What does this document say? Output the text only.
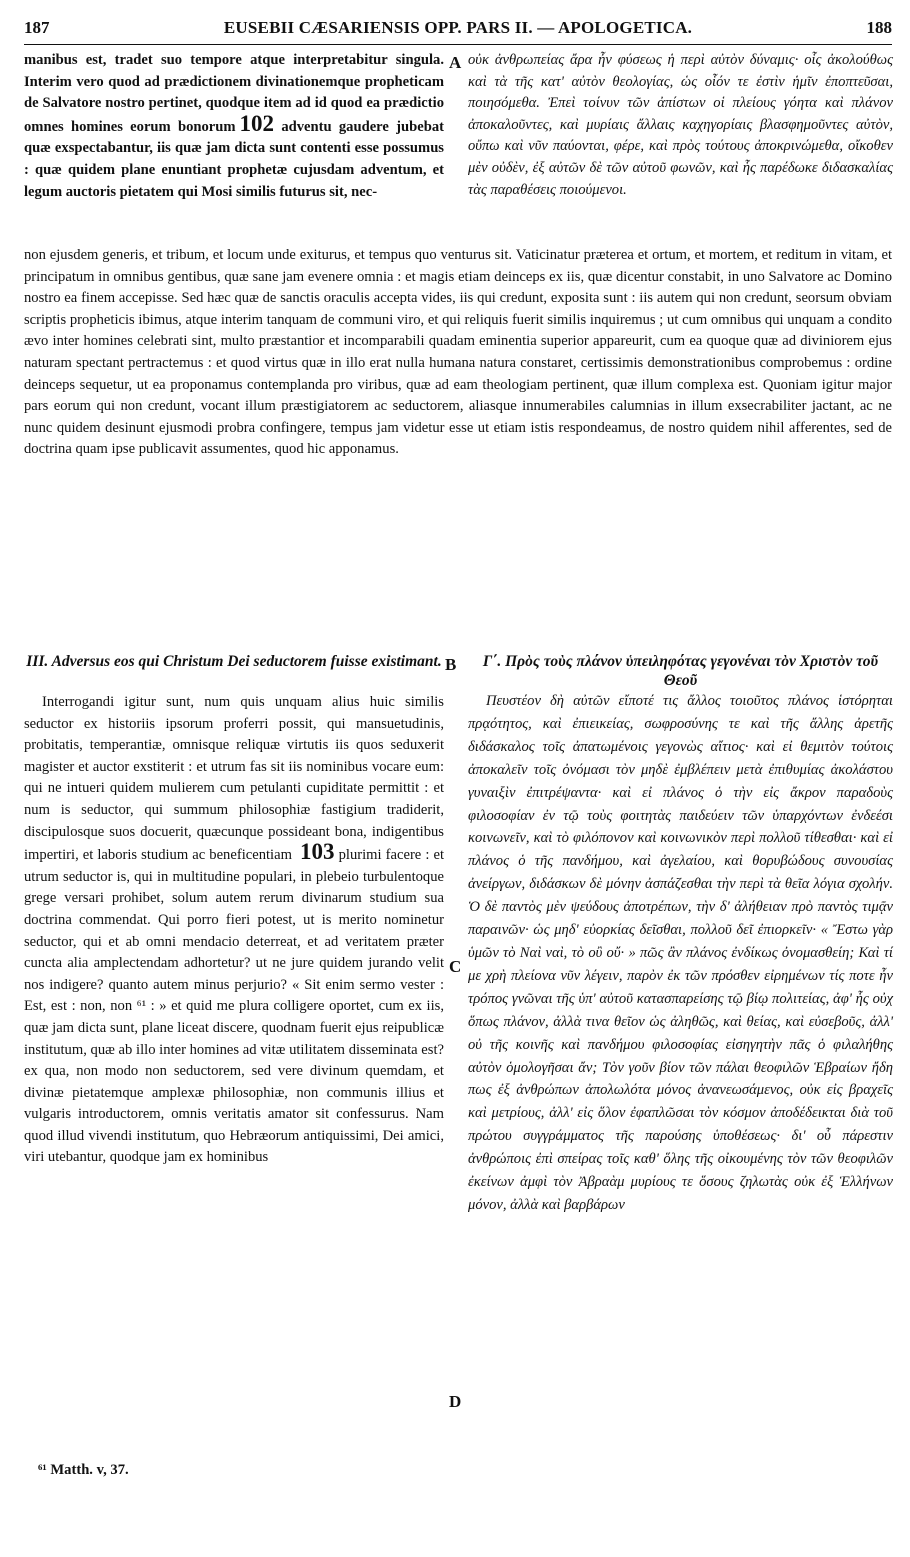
187	EUSEBII CÆSARIENSIS OPP. PARS II. — APOLOGETICA.	188

manibus est, tradet suo tempore atque interpretabitur singula. Interim vero quod ad prædictionem divinationemque propheticam de Salvatore nostro pertinet, quodque item ad id quod ea prædictio omnes homines eorum bonorum 102 adventu gaudere jubebat quæ exspectabantur, iis quæ jam dicta sunt contenti esse possumus : quæ quidem plane enuntiant prophetæ cujusdam adventum, et legum auctoris pietatem qui Mosi similis futurus sit, nec-

A οὐκ ἀνθρωπείας ἄρα ἦν φύσεως ἡ περὶ αὐτὸν δύναμις· οἷς ἀκολούθως καὶ τὰ τῆς κατ' αὐτὸν θεολογίας, ὡς οἷόν τε ἐστὶν ἡμῖν ἐποπτεῦσαι, ποιησόμεθα. Ἐπεὶ τοίνυν τῶν ἀπίστων οἱ πλείους γόητα καὶ πλάνον ἀποκαλοῦντες, καὶ μυρίαις ἄλλαις καχηγορίαις βλασφημοῦντες αὐτὸν, οὔπω καὶ νῦν παύονται, φέρε, καὶ πρὸς τούτους ἀποκρινώμεθα, οἴκοθεν μὲν οὐδὲν, ἐξ αὐτῶν δὲ τῶν αὐτοῦ φωνῶν, καὶ ἧς παρέδωκε διδασκαλίας τὰς παραθέσεις ποιούμενοι.

non ejusdem generis, et tribum, et locum unde exiturus, et tempus quo venturus sit. Vaticinatur præterea et ortum, et mortem, et reditum in vitam, et principatum in omnibus gentibus, quæ sane jam evenere omnia : et magis etiam deinceps ex iis, quæ dicentur constabit, in uno Salvatore ac Domino nostro ea finem accepisse. Sed hæc quæ de sanctis oraculis accepta vides, iis qui credunt, exposita sunt : iis autem qui non credunt, seorsum obviam scriptis propheticis ibimus, atque interim tanquam de communi viro, et qui reliquis fuerit similis inquiremus ; ut cum omnibus qui unquam a condito ævo inter homines celebrati sint, multo præstantior et incomparabili quadam eminentia superior appareurit, cum ea quoque quæ ad diviniorem ejus naturam spectant pertractemus : et quod virtus quæ in illo erat nulla humana natura constaret, certissimis demonstrationibus comprobemus : ordine deinceps sequetur, ut ea proponamus contemplanda pro viribus, quæ ad eam theologiam pertinent, quæ illum complexa est. Quoniam igitur major pars eorum qui non credunt, vocant illum præstigiatorem ac seductorem, aliasque innumerabiles calumnias in illum exsecrabiliter jactant, ac ne nunc quidem desinunt ejusmodi probra confingere, tempus jam videtur esse ut etiam istis respondeamus, de nostro quidem nihil afferentes, sed de doctrina quam ipse publicavit assumentes, quod hic apponamus.

III. Adversus eos qui Christum Dei seductorem fuisse existimant. B	Γ΄. Πρὸς τοὺς πλάνον ὑπειληφότας γεγονέναι τὸν Χριστὸν τοῦ Θεοῦ

Interrogandi igitur sunt, num quis unquam alius huic similis seductor ex historiis ipsorum proferri possit, qui mansuetudinis, probitatis, temperantiæ, omnisque reliquæ virtutis iis quos seduxerit magister et auctor exstiterit : et utrum fas sit iis nominibus vocare eum: qui ne intueri quidem mulierem cum petulanti cupiditate permittit : et num is seductor, qui summum philosophiæ fastigium tradiderit, discipulosque suos docuerit, quæcunque possideant bona, indigentibus impertiri, et laboris studium ac beneficentiam 103 plurimi facere : et utrum seductor is, qui in multitudine populari, in plebeio turbulentoque grege versari prohibet, solum autem rerum divinarum studium sua doctrina commendat. Qui porro fieri potest, ut is merito nominetur seductor, qui et ab omni mendacio deterreat, et ad veritatem præter cuncta alia amplectendam adhortetur? ut ne jure quidem jurando velit nos indigere? quanto autem minus perjurio? « Sit enim sermo vester : Est, est : non, non ⁶¹ : » et quid me plura colligere oportet, cum ex iis, quæ jam dicta sunt, plane liceat discere, quodnam fuerit ejus reipublicæ institutum, quæ ab illo inter homines ad vitæ utilitatem disseminata est? ex qua, non modo non seductorem, sed vere divinum quemdam, et divinæ pietatemque amplexæ philosophiæ, non communis illius et vulgaris introductorem, omnis veritatis amator sit confessurus. Nam quod illud vivendi institutum, quo Hebræorum antiquissimi, Dei amici, viri utebantur, quodque jam ex hominibus

C
D

Πευστέον δὴ αὐτῶν εἴποτέ τις ἄλλος τοιοῦτος πλάνος ἱστόρηται πρᾳότητος, καὶ ἐπιεικείας, σωφροσύνης τε καὶ τῆς ἄλλης ἀρετῆς διδάσκαλος τοῖς ἀπατωμένοις γεγονὼς αἴτιος· καὶ εἰ θεμιτὸν τούτοις ἀποκαλεῖν τοῖς ὀνόμασι τὸν μηδὲ ἐμβλέπειν μετὰ ἐπιθυμίας ἀκολάστου γυναιξὶν ἐπιτρέψαντα· καὶ εἰ πλάνος ὁ τὴν εἰς ἄκρον παραδοὺς φιλοσοφίαν ἐν τῷ τοὺς φοιτητὰς παιδεύειν τῶν ὑπαρχόντων ἐνδεέσι κοινωνεῖν, καὶ τὸ φιλόπονον καὶ κοινωνικὸν περὶ πολλοῦ τίθεσθαι· καὶ εἰ πλάνος ὁ τῆς πανδήμου, καὶ ἀγελαίου, καὶ θορυβώδους συνουσίας ἀνείργων, διδάσκων δὲ μόνην ἀσπάζεσθαι τὴν περὶ τὰ θεῖα λόγια σχολήν. Ὁ δὲ παντὸς μὲν ψεύδους ἀποτρέπων, τὴν δ' ἀλήθειαν πρὸ παντὸς τιμᾷν παραινῶν· ὡς μηδ' εὐορκίας δεῖσθαι, πολλοῦ δεῖ ἐπιορκεῖν· « Ἔστω γὰρ ὑμῶν τὸ Ναὶ ναὶ, τὸ οὒ οὔ· » πῶς ἂν πλάνος ἐνδίκως ὀνομασθείη; Καὶ τί με χρὴ πλείονα νῦν λέγειν, παρὸν ἐκ τῶν πρόσθεν εἰρημένων τίς ποτε ἦν τρόπος γνῶναι τῆς ὑπ' αὐτοῦ κατασπαρείσης τῷ βίῳ πολιτείας, ἀφ' ἧς οὐχ ὅπως πλάνον, ἀλλὰ τινα θεῖον ὡς ἀληθῶς, καὶ θείας, καὶ εὐσεβοῦς, ἀλλ' οὐ τῆς κοινῆς καὶ πανδήμου φιλοσοφίας εἰσηγητὴν πᾶς ὁ φιλαλήθης αὐτὸν ὁμολογῆσαι ἄν; Τὸν γοῦν βίον τῶν πάλαι θεοφιλῶν Ἑβραίων ἤδη πως ἐξ ἀνθρώπων ἀπολωλότα μόνος ἀνανεωσάμενος, οὐκ εἰς βραχεῖς καὶ μετρίους, ἀλλ' εἰς ὅλον ἐφαπλῶσαι τὸν κόσμον ἀποδέδεικται διὰ τοῦ πρώτου συγγράμματος τῆς παρούσης ὑποθέσεως· δι' οὗ πάρεστιν ἀνθρώποις ἐπὶ σπείρας τοῖς καθ' ὅλης τῆς οἰκουμένης τὸν τῶν θεοφιλῶν ἐκείνων ἀμφὶ τὸν Ἀβραὰμ μυρίους τε ὅσους ζηλωτὰς οὐκ ἐξ Ἑλλήνων μόνον, ἀλλὰ καὶ βαρβάρων

⁶¹ Matth. v, 37.
